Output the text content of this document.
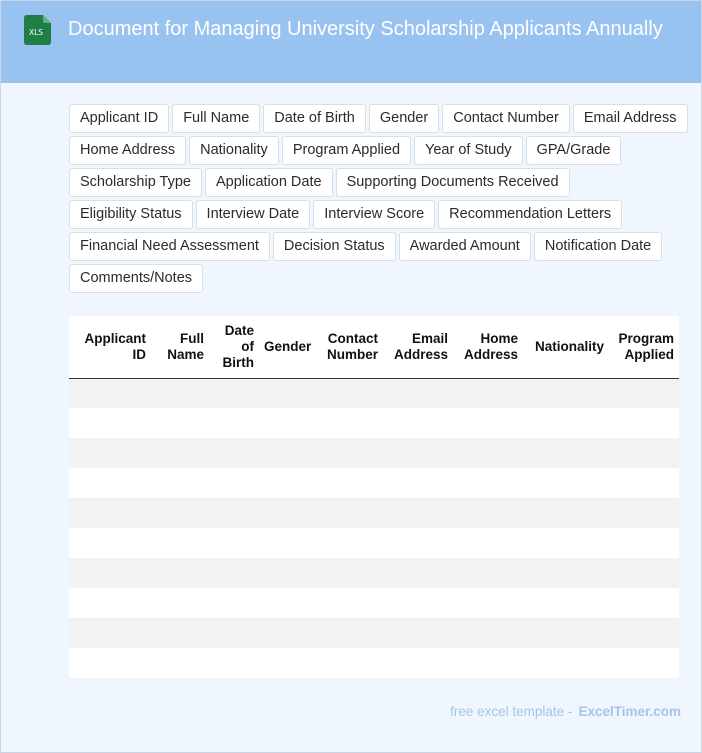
XLS	Document for Managing University Scholarship Applicants Annually
Applicant ID	Full Name	Date of Birth	Gender	Contact Number	Email Address
Home Address	Nationality	Program Applied	Year of Study	GPA/Grade
Scholarship Type	Application Date	Supporting Documents Received
Eligibility Status	Interview Date	Interview Score	Recommendation Letters
Financial Need Assessment	Decision Status	Awarded Amount	Notification Date
Comments/Notes
Applicant ID	Full Name	Date of Birth	Gender	Contact Number	Email Address	Home Address	Nationality	Program Applied

free excel template - ExcelTimer.com
